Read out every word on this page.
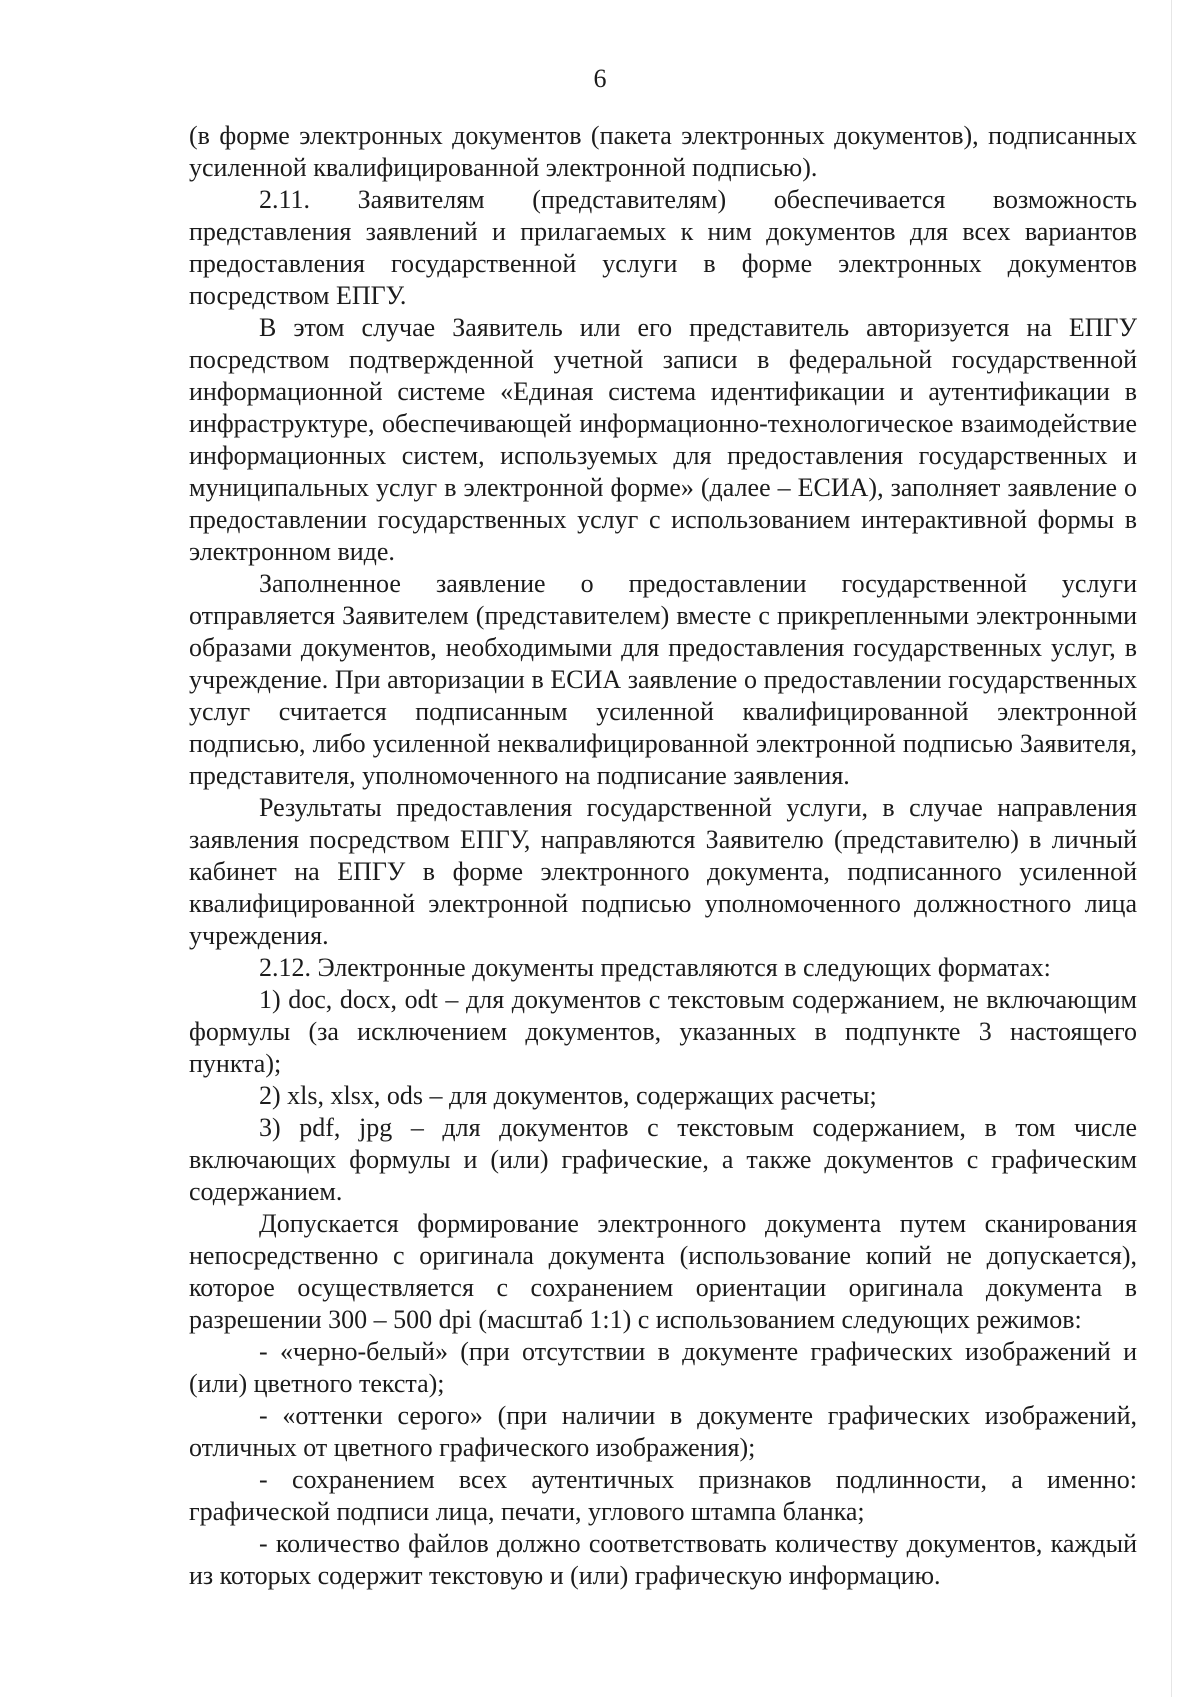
6

(в форме электронных документов (пакета электронных документов), подписанных усиленной квалифицированной электронной подписью).

2.11. Заявителям (представителям) обеспечивается возможность представления заявлений и прилагаемых к ним документов для всех вариантов предоставления государственной услуги в форме электронных документов посредством ЕПГУ.

В этом случае Заявитель или его представитель авторизуется на ЕПГУ посредством подтвержденной учетной записи в федеральной государственной информационной системе «Единая система идентификации и аутентификации в инфраструктуре, обеспечивающей информационно-технологическое взаимодействие информационных систем, используемых для предоставления государственных и муниципальных услуг в электронной форме» (далее – ЕСИА), заполняет заявление о предоставлении государственных услуг с использованием интерактивной формы в электронном виде.

Заполненное заявление о предоставлении государственной услуги отправляется Заявителем (представителем) вместе с прикрепленными электронными образами документов, необходимыми для предоставления государственных услуг, в учреждение. При авторизации в ЕСИА заявление о предоставлении государственных услуг считается подписанным усиленной квалифицированной электронной подписью, либо усиленной неквалифицированной электронной подписью Заявителя, представителя, уполномоченного на подписание заявления.

Результаты предоставления государственной услуги, в случае направления заявления посредством ЕПГУ, направляются Заявителю (представителю) в личный кабинет на ЕПГУ в форме электронного документа, подписанного усиленной квалифицированной электронной подписью уполномоченного должностного лица учреждения.

2.12. Электронные документы представляются в следующих форматах:

1) doc, docx, odt – для документов с текстовым содержанием, не включающим формулы (за исключением документов, указанных в подпункте 3 настоящего пункта);

2) xls, xlsx, ods – для документов, содержащих расчеты;

3) pdf, jpg – для документов с текстовым содержанием, в том числе включающих формулы и (или) графические, а также документов с графическим содержанием.

Допускается формирование электронного документа путем сканирования непосредственно с оригинала документа (использование копий не допускается), которое осуществляется с сохранением ориентации оригинала документа в разрешении 300 – 500 dpi (масштаб 1:1) с использованием следующих режимов:

- «черно-белый» (при отсутствии в документе графических изображений и (или) цветного текста);

- «оттенки серого» (при наличии в документе графических изображений, отличных от цветного графического изображения);

- сохранением всех аутентичных признаков подлинности, а именно: графической подписи лица, печати, углового штампа бланка;

- количество файлов должно соответствовать количеству документов, каждый из которых содержит текстовую и (или) графическую информацию.
